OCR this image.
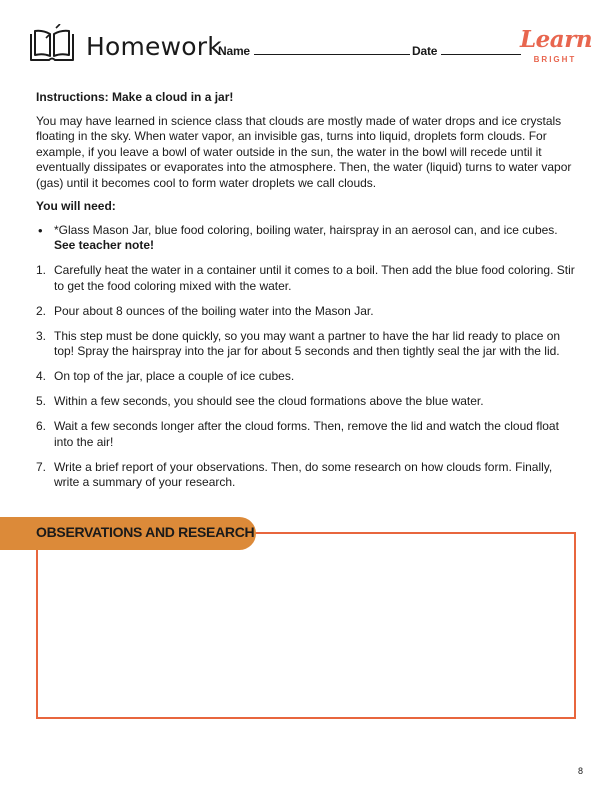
Homework
Name	Date	Learn
BRIGHT

Instructions: Make a cloud in a jar!

You may have learned in science class that clouds are mostly made of water drops and ice crystals floating in the sky. When water vapor, an invisible gas, turns into liquid, droplets form clouds. For example, if you leave a bowl of water outside in the sun, the water in the bowl will recede until it eventually dissipates or evaporates into the atmosphere. Then, the water (liquid) turns to water vapor (gas) until it becomes cool to form water droplets we call clouds.

You will need:

• *Glass Mason Jar, blue food coloring, boiling water, hairspray in an aerosol can, and ice cubes. See teacher note!
1. Carefully heat the water in a container until it comes to a boil. Then add the blue food coloring. Stir to get the food coloring mixed with the water.
2. Pour about 8 ounces of the boiling water into the Mason Jar.
3. This step must be done quickly, so you may want a partner to have the har lid ready to place on top! Spray the hairspray into the jar for about 5 seconds and then tightly seal the jar with the lid.
4. On top of the jar, place a couple of ice cubes.
5. Within a few seconds, you should see the cloud formations above the blue water.
6. Wait a few seconds longer after the cloud forms. Then, remove the lid and watch the cloud float into the air!
7. Write a brief report of your observations. Then, do some research on how clouds form. Finally, write a summary of your research.
OBSERVATIONS AND RESEARCH
8
